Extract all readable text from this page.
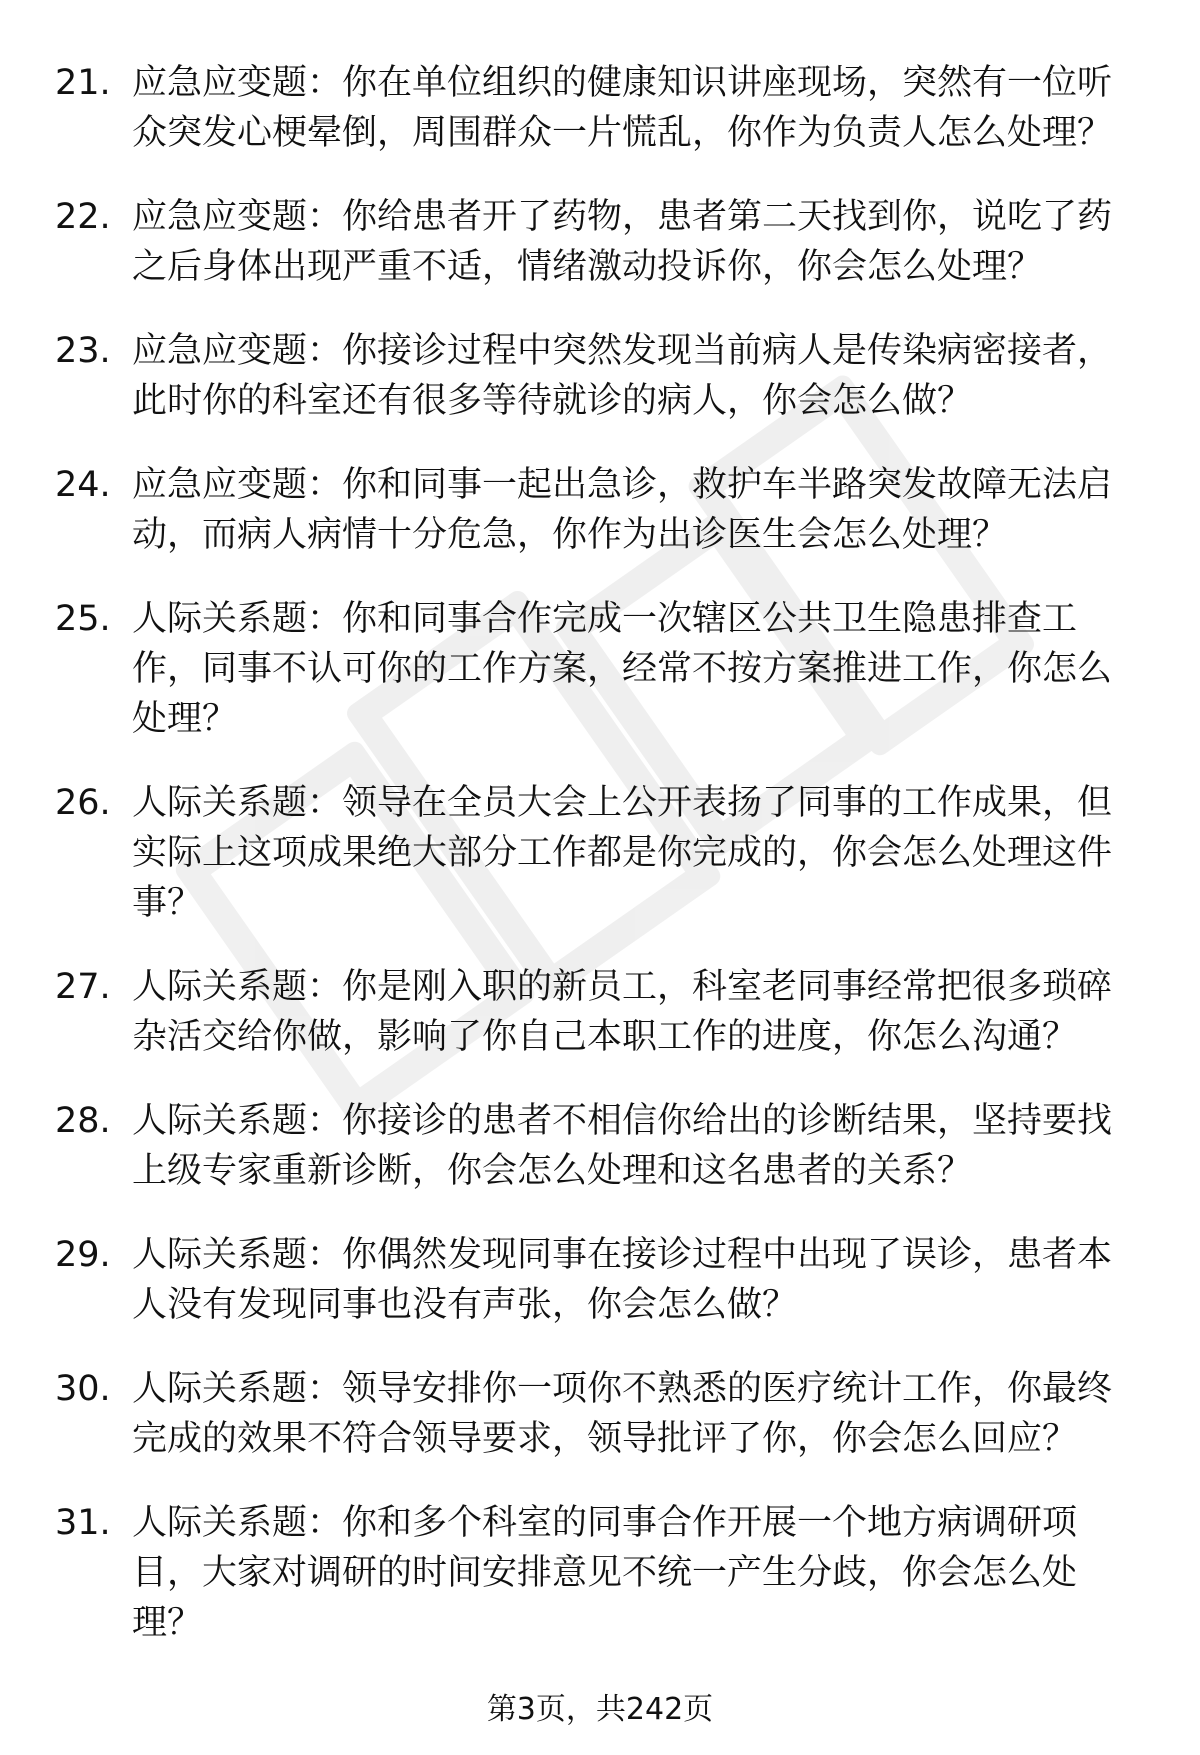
21. 应急应变题：你在单位组织的健康知识讲座现场，突然有一位听众突发心梗晕倒，周围群众一片慌乱，你作为负责人怎么处理？
22. 应急应变题：你给患者开了药物，患者第二天找到你，说吃了药之后身体出现严重不适，情绪激动投诉你，你会怎么处理？
23. 应急应变题：你接诊过程中突然发现当前病人是传染病密接者，此时你的科室还有很多等待就诊的病人，你会怎么做？
24. 应急应变题：你和同事一起出急诊，救护车半路突发故障无法启动，而病人病情十分危急，你作为出诊医生会怎么处理？
25. 人际关系题：你和同事合作完成一次辖区公共卫生隐患排查工作，同事不认可你的工作方案，经常不按方案推进工作，你怎么处理？
26. 人际关系题：领导在全员大会上公开表扬了同事的工作成果，但实际上这项成果绝大部分工作都是你完成的，你会怎么处理这件事？
27. 人际关系题：你是刚入职的新员工，科室老同事经常把很多琐碎杂活交给你做，影响了你自己本职工作的进度，你怎么沟通？
28. 人际关系题：你接诊的患者不相信你给出的诊断结果，坚持要找上级专家重新诊断，你会怎么处理和这名患者的关系？
29. 人际关系题：你偶然发现同事在接诊过程中出现了误诊，患者本人没有发现同事也没有声张，你会怎么做？
30. 人际关系题：领导安排你一项你不熟悉的医疗统计工作，你最终完成的效果不符合领导要求，领导批评了你，你会怎么回应？
31. 人际关系题：你和多个科室的同事合作开展一个地方病调研项目，大家对调研的时间安排意见不统一产生分歧，你会怎么处理？
第3页，共242页
